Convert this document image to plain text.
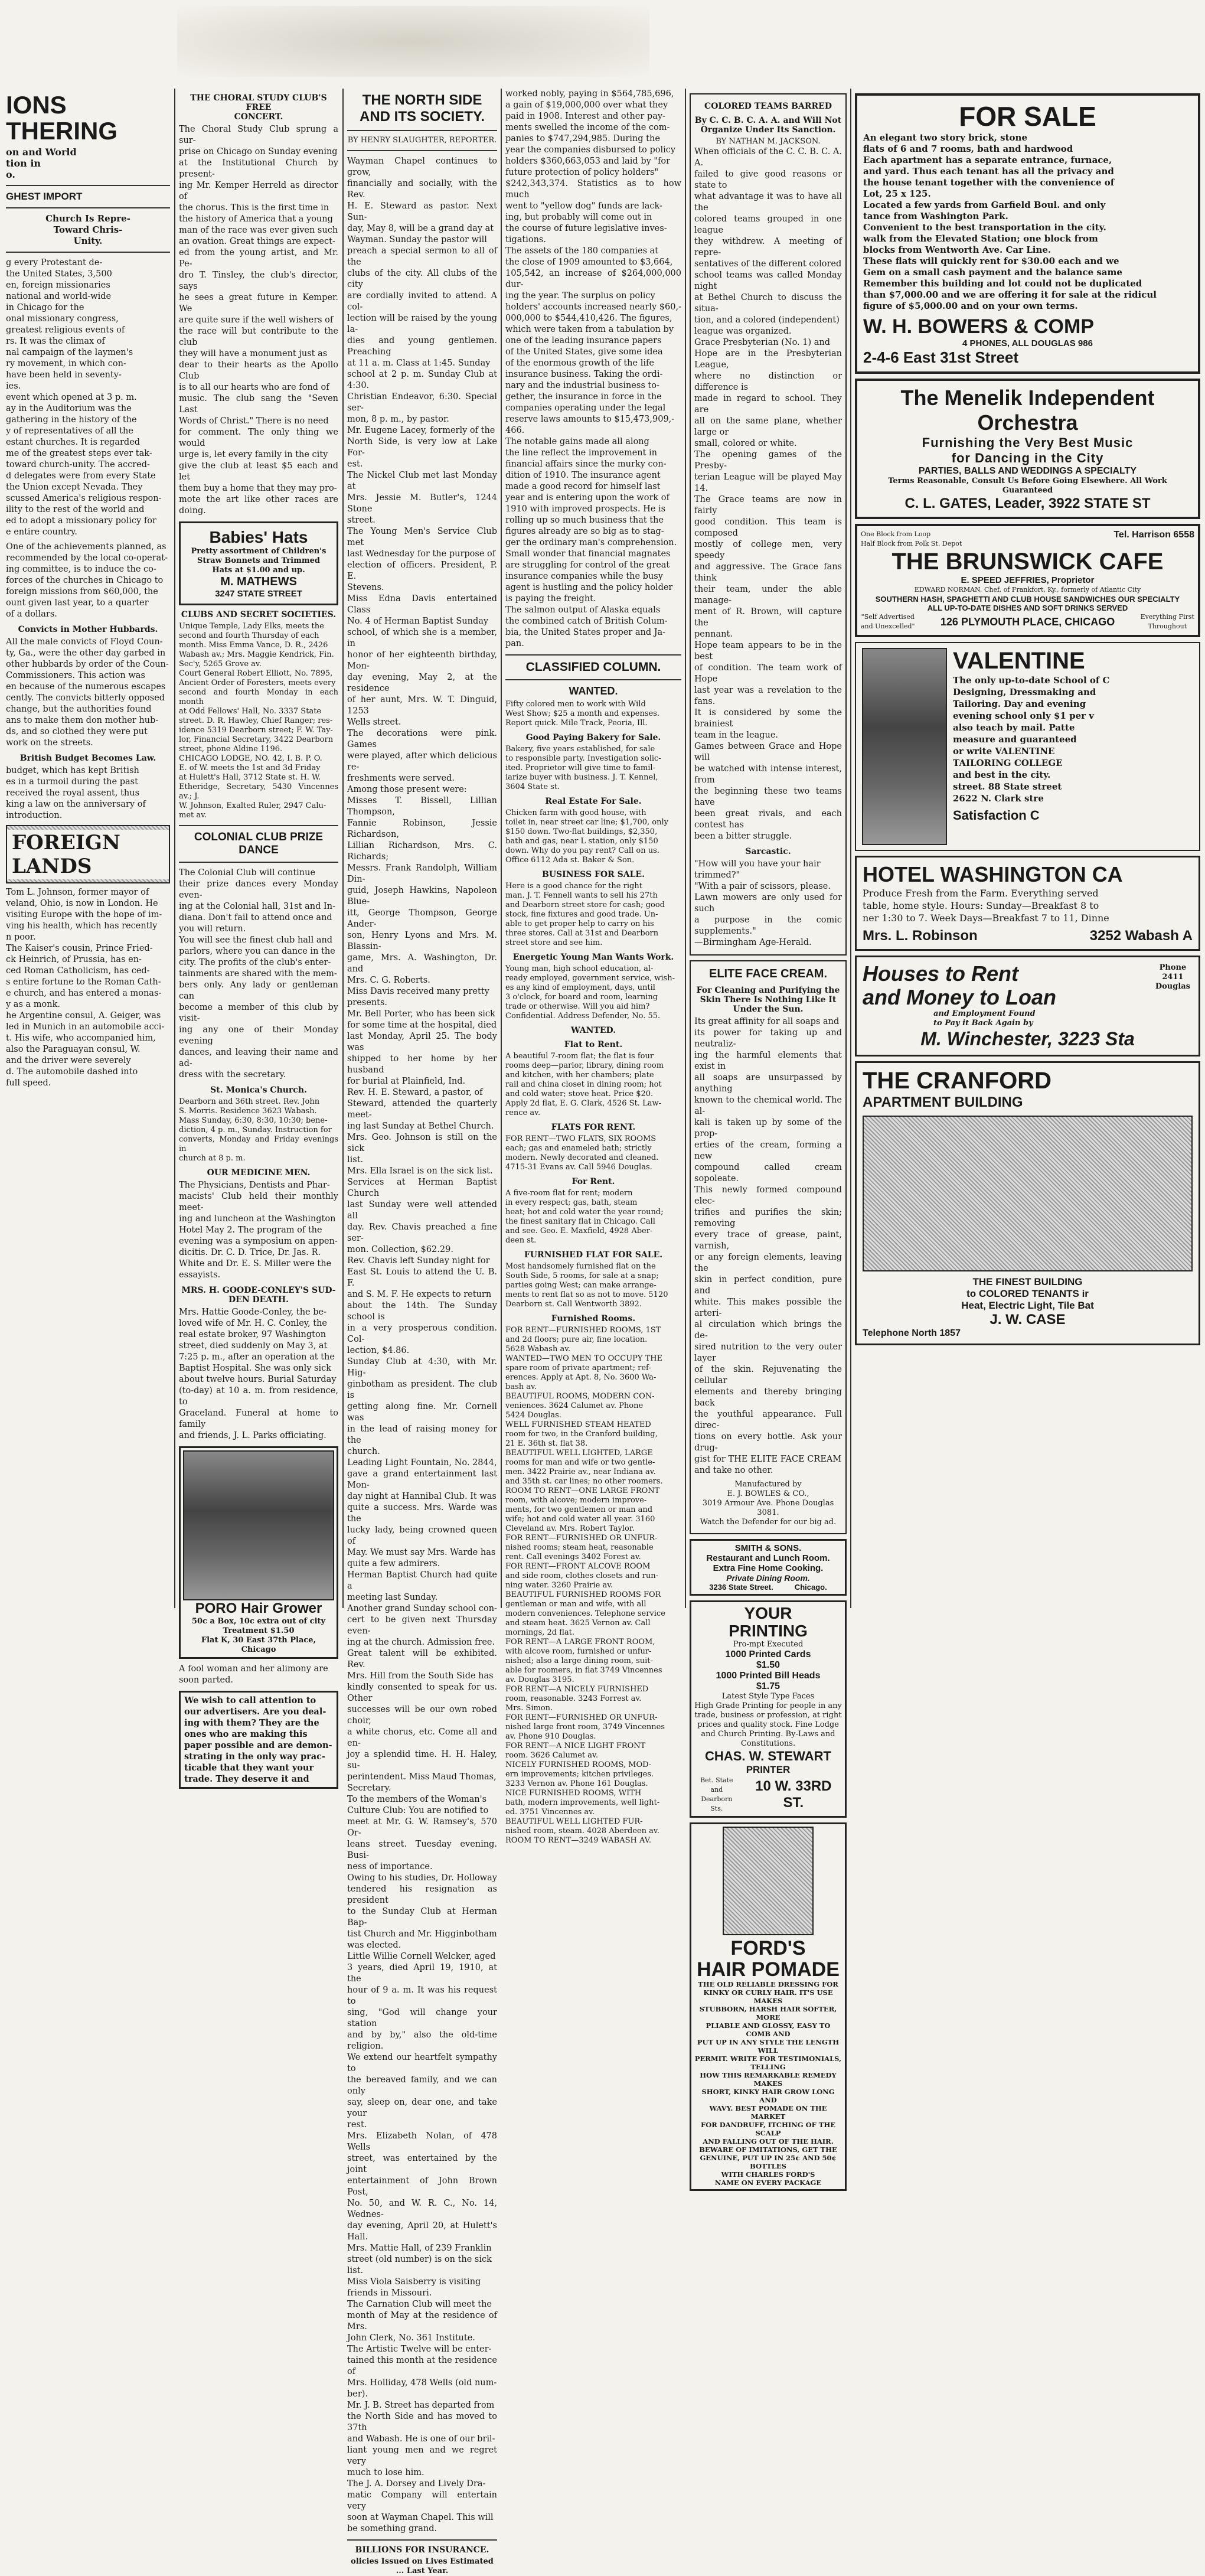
IONS
THERING
on and World
tion in
o.
GHEST IMPORT
Church Is Repre-
Toward Chris-
Unity.

g every Protestant de-
the United States, 3,500
en, foreign missionaries
national and world-wide
in Chicago for the
onal missionary congress,
greatest religious events of
rs. It was the climax of
nal campaign of the laymen's
ry movement, in which con-
have been held in seventy-
ies.
event which opened at 3 p. m.
ay in the Auditorium was the
gathering in the history of the
y of representatives of all the
estant churches. It is regarded
me of the greatest steps ever tak-
toward church-unity. The accred-
d delegates were from every State
the Union except Nevada. They
scussed America's religious respon-
ility to the rest of the world and
ed to adopt a missionary policy for
e entire country.

One of the achievements planned, as
recommended by the local co-operat-
ing committee, is to induce the co-
forces of the churches in Chicago to
foreign missions from $60,000, the
ount given last year, to a quarter
of a dollars.

Convicts in Mother Hubbards.

All the male convicts of Floyd Coun-
ty, Ga., were the other day garbed in
other hubbards by order of the Coun-
Commissioners. This action was
en because of the numerous escapes
cently. The convicts bitterly opposed
change, but the authorities found
ans to make them don mother hub-
ds, and so clothed they were put
work on the streets.

British Budget Becomes Law.

budget, which has kept British
es in a turmoil during the past
received the royal assent, thus
king a law on the anniversary of
introduction.

FOREIGN LANDS

Tom L. Johnson, former mayor of
veland, Ohio, is now in London. He
visiting Europe with the hope of im-
ving his health, which has recently
n poor.
The Kaiser's cousin, Prince Fried-
ck Heinrich, of Prussia, has en-
ced Roman Catholicism, has ced-
s entire fortune to the Roman Cath-
e church, and has entered a monas-
y as a monk.
he Argentine consul, A. Geiger, was
led in Munich in an automobile acci-
t. His wife, who accompanied him,
also the Paraguayan consul, W.
and the driver were severely
d. The automobile dashed into
full speed.

THE CHORAL STUDY CLUB'S FREE
CONCERT.

The Choral Study Club sprung a sur-
prise on Chicago on Sunday evening
at the Institutional Church by present-
ing Mr. Kemper Herreld as director of
the chorus. This is the first time in
the history of America that a young
man of the race was ever given such
an ovation. Great things are expect-
ed from the young artist, and Mr. Pe-
dro T. Tinsley, the club's director, says
he sees a great future in Kemper. We
are quite sure if the well wishers of
the race will but contribute to the club
they will have a monument just as
dear to their hearts as the Apollo Club
is to all our hearts who are fond of
music. The club sang the "Seven Last
Words of Christ." There is no need
for comment. The only thing we would
urge is, let every family in the city
give the club at least $5 each and let
them buy a home that they may pro-
mote the art like other races are doing.

Babies' Hats
Pretty assortment of Children's
Straw Bonnets and Trimmed
Hats at $1.00 and up.
M. MATHEWS
3247 STATE STREET
CLUBS AND SECRET SOCIETIES.

Unique Temple, Lady Elks, meets the
second and fourth Thursday of each
month. Miss Emma Vance, D. R., 2426
Wabash av.; Mrs. Maggie Kendrick, Fin.
Sec'y, 5265 Grove av.
Court General Robert Elliott, No. 7895,
Ancient Order of Foresters, meets every
second and fourth Monday in each month
at Odd Fellows' Hall, No. 3337 State
street. D. R. Hawley, Chief Ranger; res-
idence 5319 Dearborn street; F. W. Tay-
lor, Financial Secretary, 3422 Dearborn
street, phone Aldine 1196.
CHICAGO LODGE, NO. 42, I. B. P. O.
E. of W. meets the 1st and 3d Friday
at Hulett's Hall, 3712 State st. H. W.
Etheridge, Secretary, 5430 Vincennes av.; J.
W. Johnson, Exalted Ruler, 2947 Calu-
met av.

COLONIAL CLUB PRIZE DANCE

The Colonial Club will continue
their prize dances every Monday even-
ing at the Colonial hall, 31st and In-
diana. Don't fail to attend once and
you will return.
You will see the finest club hall and
parlors, where you can dance in the
city. The profits of the club's enter-
tainments are shared with the mem-
bers only. Any lady or gentleman can
become a member of this club by visit-
ing any one of their Monday evening
dances, and leaving their name and ad-
dress with the secretary.

St. Monica's Church.

Dearborn and 36th street. Rev. John
S. Morris. Residence 3623 Wabash.
Mass Sunday, 6:30, 8:30, 10:30; bene-
diction, 4 p. m., Sunday. Instruction for
converts, Monday and Friday evenings in
church at 8 p. m.

OUR MEDICINE MEN.

The Physicians, Dentists and Phar-
macists' Club held their monthly meet-
ing and luncheon at the Washington
Hotel May 2. The program of the
evening was a symposium on appen-
dicitis. Dr. C. D. Trice, Dr. Jas. R.
White and Dr. E. S. Miller were the
essayists.

MRS. H. GOODE-CONLEY'S SUD-
DEN DEATH.

Mrs. Hattie Goode-Conley, the be-
loved wife of Mr. H. C. Conley, the
real estate broker, 97 Washington
street, died suddenly on May 3, at
7:25 p. m., after an operation at the
Baptist Hospital. She was only sick
about twelve hours. Burial Saturday
(to-day) at 10 a. m. from residence, to
Graceland. Funeral at home to family
and friends, J. L. Parks officiating.

PORO Hair Grower
50c a Box, 10c extra out of city
Treatment $1.50
Flat K, 30 East 37th Place, Chicago

A fool woman and her alimony are
soon parted.

We wish to call attention to
our advertisers. Are you deal-
ing with them? They are the
ones who are making this
paper possible and are demon-
strating in the only way prac-
ticable that they want your
trade. They deserve it and

THE NORTH SIDE
AND ITS SOCIETY.
BY HENRY SLAUGHTER, REPORTER.

Wayman Chapel continues to grow,
financially and socially, with the Rev.
H. E. Steward as pastor. Next Sun-
day, May 8, will be a grand day at
Wayman. Sunday the pastor will
preach a special sermon to all of the
clubs of the city. All clubs of the city
are cordially invited to attend. A col-
lection will be raised by the young la-
dies and young gentlemen. Preaching
at 11 a. m. Class at 1:45. Sunday
school at 2 p. m. Sunday Club at 4:30.
Christian Endeavor, 6:30. Special ser-
mon, 8 p. m., by pastor.
Mr. Eugene Lacey, formerly of the
North Side, is very low at Lake For-
est.
The Nickel Club met last Monday at
Mrs. Jessie M. Butler's, 1244 Stone
street.
The Young Men's Service Club met
last Wednesday for the purpose of
election of officers. President, P. E.
Stevens.
Miss Edna Davis entertained Class
No. 4 of Herman Baptist Sunday
school, of which she is a member, in
honor of her eighteenth birthday, Mon-
day evening, May 2, at the residence
of her aunt, Mrs. W. T. Dinguid, 1253
Wells street.
The decorations were pink. Games
were played, after which delicious re-
freshments were served.
Among those present were:
Misses T. Bissell, Lillian Thompson,
Fannie Robinson, Jessie Richardson,
Lillian Richardson, Mrs. C. Richards;
Messrs. Frank Randolph, William Din-
guid, Joseph Hawkins, Napoleon Blue-
itt, George Thompson, George Ander-
son, Henry Lyons and Mrs. M. Blassin-
game, Mrs. A. Washington, Dr. and
Mrs. C. G. Roberts.
Miss Davis received many pretty
presents.
Mr. Bell Porter, who has been sick
for some time at the hospital, died
last Monday, April 25. The body was
shipped to her home by her husband
for burial at Plainfield, Ind.
Rev. H. E. Steward, a pastor, of
Steward, attended the quarterly meet-
ing last Sunday at Bethel Church.
Mrs. Geo. Johnson is still on the sick
list.
Mrs. Ella Israel is on the sick list.
Services at Herman Baptist Church
last Sunday were well attended all
day. Rev. Chavis preached a fine ser-
mon. Collection, $62.29.
Rev. Chavis left Sunday night for
East St. Louis to attend the U. B. F.
and S. M. F. He expects to return
about the 14th. The Sunday school is
in a very prosperous condition. Col-
lection, $4.86.
Sunday Club at 4:30, with Mr. Hig-
ginbotham as president. The club is
getting along fine. Mr. Cornell was
in the lead of raising money for the
church.
Leading Light Fountain, No. 2844,
gave a grand entertainment last Mon-
day night at Hannibal Club. It was
quite a success. Mrs. Warde was the
lucky lady, being crowned queen of
May. We must say Mrs. Warde has
quite a few admirers.
Herman Baptist Church had quite a
meeting last Sunday.
Another grand Sunday school con-
cert to be given next Thursday even-
ing at the church. Admission free.
Great talent will be exhibited. Rev.
Mrs. Hill from the South Side has
kindly consented to speak for us. Other
successes will be our own robed choir,
a white chorus, etc. Come all and en-
joy a splendid time. H. H. Haley, su-
perintendent. Miss Maud Thomas,
Secretary.
To the members of the Woman's
Culture Club: You are notified to
meet at Mr. G. W. Ramsey's, 570 Or-
leans street. Tuesday evening. Busi-
ness of importance.
Owing to his studies, Dr. Holloway
tendered his resignation as president
to the Sunday Club at Herman Bap-
tist Church and Mr. Higginbotham
was elected.
Little Willie Cornell Welcker, aged
3 years, died April 19, 1910, at the
hour of 9 a. m. It was his request to
sing, "God will change your station
and by by," also the old-time religion.
We extend our heartfelt sympathy to
the bereaved family, and we can only
say, sleep on, dear one, and take your
rest.
Mrs. Elizabeth Nolan, of 478 Wells
street, was entertained by the joint
entertainment of John Brown Post,
No. 50, and W. R. C., No. 14, Wednes-
day evening, April 20, at Hulett's Hall.
Mrs. Mattie Hall, of 239 Franklin
street (old number) is on the sick
list.
Miss Viola Saisberry is visiting
friends in Missouri.
The Carnation Club will meet the
month of May at the residence of Mrs.
John Clerk, No. 361 Institute.
The Artistic Twelve will be enter-
tained this month at the residence of
Mrs. Holliday, 478 Wells (old num-
ber).
Mr. J. B. Street has departed from
the North Side and has moved to 37th
and Wabash. He is one of our bril-
liant young men and we regret very
much to lose him.
The J. A. Dorsey and Lively Dra-
matic Company will entertain very
soon at Wayman Chapel. This will
be something grand.

BILLIONS FOR INSURANCE.
olicies Issued on Lives Estimated
... Last Year.

worked nobly, paying in $564,785,696,
a gain of $19,000,000 over what they
paid in 1908. Interest and other pay-
ments swelled the income of the com-
panies to $747,294,985. During the
year the companies disbursed to policy
holders $360,663,053 and laid by "for
future protection of policy holders"
$242,343,374. Statistics as to how much
went to "yellow dog" funds are lack-
ing, but probably will come out in
the course of future legislative inves-
tigations.
The assets of the 180 companies at
the close of 1909 amounted to $3,664,
105,542, an increase of $264,000,000 dur-
ing the year. The surplus on policy
holders' accounts increased nearly $60,-
000,000 to $544,410,426. The figures,
which were taken from a tabulation by
one of the leading insurance papers
of the United States, give some idea
of the enormous growth of the life
insurance business. Taking the ordi-
nary and the industrial business to-
gether, the insurance in force in the
companies operating under the legal
reserve laws amounts to $15,473,909,-
466.
The notable gains made all along
the line reflect the improvement in
financial affairs since the murky con-
dition of 1910. The insurance agent
made a good record for himself last
year and is entering upon the work of
1910 with improved prospects. He is
rolling up so much business that the
figures already are so big as to stag-
ger the ordinary man's comprehension.
Small wonder that financial magnates
are struggling for control of the great
insurance companies while the busy
agent is hustling and the policy holder
is paying the freight.
The salmon output of Alaska equals
the combined catch of British Colum-
bia, the United States proper and Ja-
pan.

CLASSIFIED COLUMN.
WANTED.

Fifty colored men to work with Wild
West Show; $25 a month and expenses.
Report quick. Mile Track, Peoria, Ill.

Good Paying Bakery for Sale.

Bakery, five years established, for sale
to responsible party. Investigation solic-
ited. Proprietor will give time to famil-
iarize buyer with business. J. T. Kennel,
3604 State st.

Real Estate For Sale.

Chicken farm with good house, with
toilet in, near street car line; $1,700, only
$150 down. Two-flat buildings, $2,350,
bath and gas, near L station, only $150
down. Why do you pay rent? Call on us.
Office 6112 Ada st. Baker & Son.

BUSINESS FOR SALE.

Here is a good chance for the right
man. J. T. Fennell wants to sell his 27th
and Dearborn street store for cash; good
stock, fine fixtures and good trade. Un-
able to get proper help to carry on his
three stores. Call at 31st and Dearborn
street store and see him.

Energetic Young Man Wants Work.

Young man, high school education, al-
ready employed, government service, wish-
es any kind of employment, days, until
3 o'clock, for board and room, learning
trade or otherwise. Will you aid him?
Confidential. Address Defender, No. 55.

WANTED.
Flat to Rent.

A beautiful 7-room flat; the flat is four
rooms deep—parlor, library, dining room
and kitchen, with her chambers; plate
rail and china closet in dining room; hot
and cold water; stove heat. Price $20.
Apply 2d flat, E. G. Clark, 4526 St. Law-
rence av.

FLATS FOR RENT.

FOR RENT—TWO FLATS, SIX ROOMS
each; gas and enameled bath; strictly
modern. Newly decorated and cleaned.
4715-31 Evans av. Call 5946 Douglas.

For Rent.

A five-room flat for rent; modern
in every respect; gas, bath, steam
heat; hot and cold water the year round;
the finest sanitary flat in Chicago. Call
and see. Geo. E. Maxfield, 4928 Aber-
deen st.

FURNISHED FLAT FOR SALE.

Most handsomely furnished flat on the
South Side, 5 rooms, for sale at a snap;
parties going West; can make arrange-
ments to rent flat so as not to move. 5120
Dearborn st. Call Wentworth 3892.

Furnished Rooms.

FOR RENT—FURNISHED ROOMS, 1ST
and 2d floors; pure air, fine location.
5628 Wabash av.
WANTED—TWO MEN TO OCCUPY THE
spare room of private apartment; ref-
erences. Apply at Apt. 8, No. 3600 Wa-
bash av.
BEAUTIFUL ROOMS, MODERN CON-
veniences. 3624 Calumet av. Phone
5424 Douglas.
WELL FURNISHED STEAM HEATED
room for two, in the Cranford building,
21 E. 36th st. flat 38.
BEAUTIFUL WELL LIGHTED, LARGE
rooms for man and wife or two gentle-
men. 3422 Prairie av., near Indiana av.
and 35th st. car lines; no other roomers.
ROOM TO RENT—ONE LARGE FRONT
room, with alcove; modern improve-
ments, for two gentlemen or man and
wife; hot and cold water all year. 3160
Cleveland av. Mrs. Robert Taylor.
FOR RENT—FURNISHED OR UNFUR-
nished rooms; steam heat, reasonable
rent. Call evenings 3402 Forest av.
FOR RENT—FRONT ALCOVE ROOM
and side room, clothes closets and run-
ning water. 3260 Prairie av.
BEAUTIFUL FURNISHED ROOMS FOR
gentleman or man and wife, with all
modern conveniences. Telephone service
and steam heat. 3625 Vernon av. Call
mornings, 2d flat.
FOR RENT—A LARGE FRONT ROOM,
with alcove room, furnished or unfur-
nished; also a large dining room, suit-
able for roomers, in flat 3749 Vincennes
av. Douglas 3195.
FOR RENT—A NICELY FURNISHED
room, reasonable. 3243 Forrest av.
Mrs. Simon.
FOR RENT—FURNISHED OR UNFUR-
nished large front room, 3749 Vincennes
av. Phone 910 Douglas.
FOR RENT—A NICE LIGHT FRONT
room. 3626 Calumet av.
NICELY FURNISHED ROOMS, MOD-
ern improvements; kitchen privileges.
3233 Vernon av. Phone 161 Douglas.
NICE FURNISHED ROOMS, WITH
bath, modern improvements, well light-
ed. 3751 Vincennes av.
BEAUTIFUL WELL LIGHTED FUR-
nished room, steam. 4028 Aberdeen av.
ROOM TO RENT—3249 WABASH AV.

COLORED TEAMS BARRED
By C. C. B. C. A. A. and Will Not
Organize Under Its Sanction.
BY NATHAN M. JACKSON.

When officials of the C. C. B. C. A. A.
failed to give good reasons or state to
what advantage it was to have all the
colored teams grouped in one league
they withdrew. A meeting of repre-
sentatives of the different colored
school teams was called Monday night
at Bethel Church to discuss the situa-
tion, and a colored (independent)
league was organized.
Grace Presbyterian (No. 1) and
Hope are in the Presbyterian League,
where no distinction or difference is
made in regard to school. They are
all on the same plane, whether large or
small, colored or white.
The opening games of the Presby-
terian League will be played May 14.
The Grace teams are now in fairly
good condition. This team is composed
mostly of college men, very speedy
and aggressive. The Grace fans think
their team, under the able manage-
ment of R. Brown, will capture the
pennant.
Hope team appears to be in the best
of condition. The team work of Hope
last year was a revelation to the fans.
It is considered by some the brainiest
team in the league.
Games between Grace and Hope will
be watched with intense interest, from
the beginning these two teams have
been great rivals, and each contest has
been a bitter struggle.

Sarcastic.

"How will you have your hair
trimmed?"
"With a pair of scissors, please.
Lawn mowers are only used for such
a purpose in the comic supplements."
—Birmingham Age-Herald.

ELITE FACE CREAM.
For Cleaning and Purifying the
Skin There Is Nothing Like It
Under the Sun.

Its great affinity for all soaps and
its power for taking up and neutraliz-
ing the harmful elements that exist in
all soaps are unsurpassed by anything
known to the chemical world. The al-
kali is taken up by some of the prop-
erties of the cream, forming a new
compound called cream sopoleate.
This newly formed compound elec-
trifies and purifies the skin; removing
every trace of grease, paint, varnish,
or any foreign elements, leaving the
skin in perfect condition, pure and
white. This makes possible the arteri-
al circulation which brings the de-
sired nutrition to the very outer layer
of the skin. Rejuvenating the cellular
elements and thereby bringing back
the youthful appearance. Full direc-
tions on every bottle. Ask your drug-
gist for THE ELITE FACE CREAM
and take no other.

Manufactured by
E. J. BOWLES & CO.,
3019 Armour Ave. Phone Douglas 3081.
Watch the Defender for our big ad.

SMITH & SONS.
Restaurant and Lunch Room.
Extra Fine Home Cooking.
Private Dining Room.
3236 State Street.          Chicago.
YOUR
PRINTING
Pro-mpt Executed
1000 Printed Cards
$1.50
1000 Printed Bill Heads
$1.75
Latest Style Type Faces
High Grade Printing for people in any
trade, business or profession, at right
prices and quality stock. Fine Lodge
and Church Printing. By-Laws and
Constitutions.
CHAS. W. STEWART
PRINTER
Bet. State and
Dearborn Sts.
10 W. 33RD ST.
FORD'S
HAIR POMADE
THE OLD RELIABLE DRESSING FOR
KINKY OR CURLY HAIR. IT'S USE MAKES
STUBBORN, HARSH HAIR SOFTER, MORE
PLIABLE AND GLOSSY, EASY TO COMB AND
PUT UP IN ANY STYLE THE LENGTH WILL
PERMIT. WRITE FOR TESTIMONIALS, TELLING
HOW THIS REMARKABLE REMEDY MAKES
SHORT, KINKY HAIR GROW LONG AND
WAVY. BEST POMADE ON THE MARKET
FOR DANDRUFF, ITCHING OF THE SCALP
AND FALLING OUT OF THE HAIR.
BEWARE OF IMITATIONS, GET THE
GENUINE, PUT UP IN 25¢ AND 50¢ BOTTLES
WITH CHARLES FORD'S
NAME ON EVERY PACKAGE
FOR SALE
An elegant two story brick, stone
flats of 6 and 7 rooms, bath and hardwood
Each apartment has a separate entrance, furnace,
and yard. Thus each tenant has all the privacy and
the house tenant together with the convenience of
Lot, 25 x 125.
Located a few yards from Garfield Boul. and only
tance from Washington Park.
Convenient to the best transportation in the city.
walk from the Elevated Station; one block from
blocks from Wentworth Ave. Car Line.
These flats will quickly rent for $30.00 each and we
Gem on a small cash payment and the balance same
Remember this building and lot could not be duplicated
than $7,000.00 and we are offering it for sale at the ridicul
figure of $5,000.00 and on your own terms.
W. H. BOWERS & COMP
4 PHONES, ALL DOUGLAS 986
2-4-6 East 31st Street
The Menelik Independent Orchestra
Furnishing the Very Best Music
for Dancing in the City
PARTIES, BALLS AND WEDDINGS A SPECIALTY
Terms Reasonable, Consult Us Before Going Elsewhere. All Work Guaranteed
C. L. GATES, Leader, 3922 STATE ST
One Block from Loop
Half Block from Polk St. Depot
Tel. Harrison 6558
THE BRUNSWICK CAFE
E. SPEED JEFFRIES, Proprietor
EDWARD NORMAN, Chef, of Frankfort, Ky., formerly of Atlantic City
SOUTHERN HASH, SPAGHETTI AND CLUB HOUSE SANDWICHES OUR SPECIALTY
ALL UP-TO-DATE DISHES AND SOFT DRINKS SERVED
"Self Advertised
and Unexcelled" 126 PLYMOUTH PLACE, CHICAGO	Everything First
Throughout
VALENTINE
The only up-to-date School of C
Designing, Dressmaking and
Tailoring. Day and evening
evening school only $1 per v
also teach by mail. Patte
measure and guaranteed
or write VALENTINE
TAILORING COLLEGE
and best in the city.
street. 88 State street
2622 N. Clark stre
Satisfaction C
HOTEL WASHINGTON CA
Produce Fresh from the Farm. Everything served
table, home style. Hours: Sunday—Breakfast 8 to
ner 1:30 to 7. Week Days—Breakfast 7 to 11, Dinne
Mrs. L. Robinson	3252 Wabash A
Houses to Rent
and Money to Loan
Phone
2411
Douglas
and Employment Found
to Pay it Back Again by
M. Winchester, 3223 Sta
THE CRANFORD
APARTMENT BUILDING
THE FINEST BUILDING
to COLORED TENANTS ir
Heat, Electric Light, Tile Bat
J. W. CASE
Telephone North 1857
